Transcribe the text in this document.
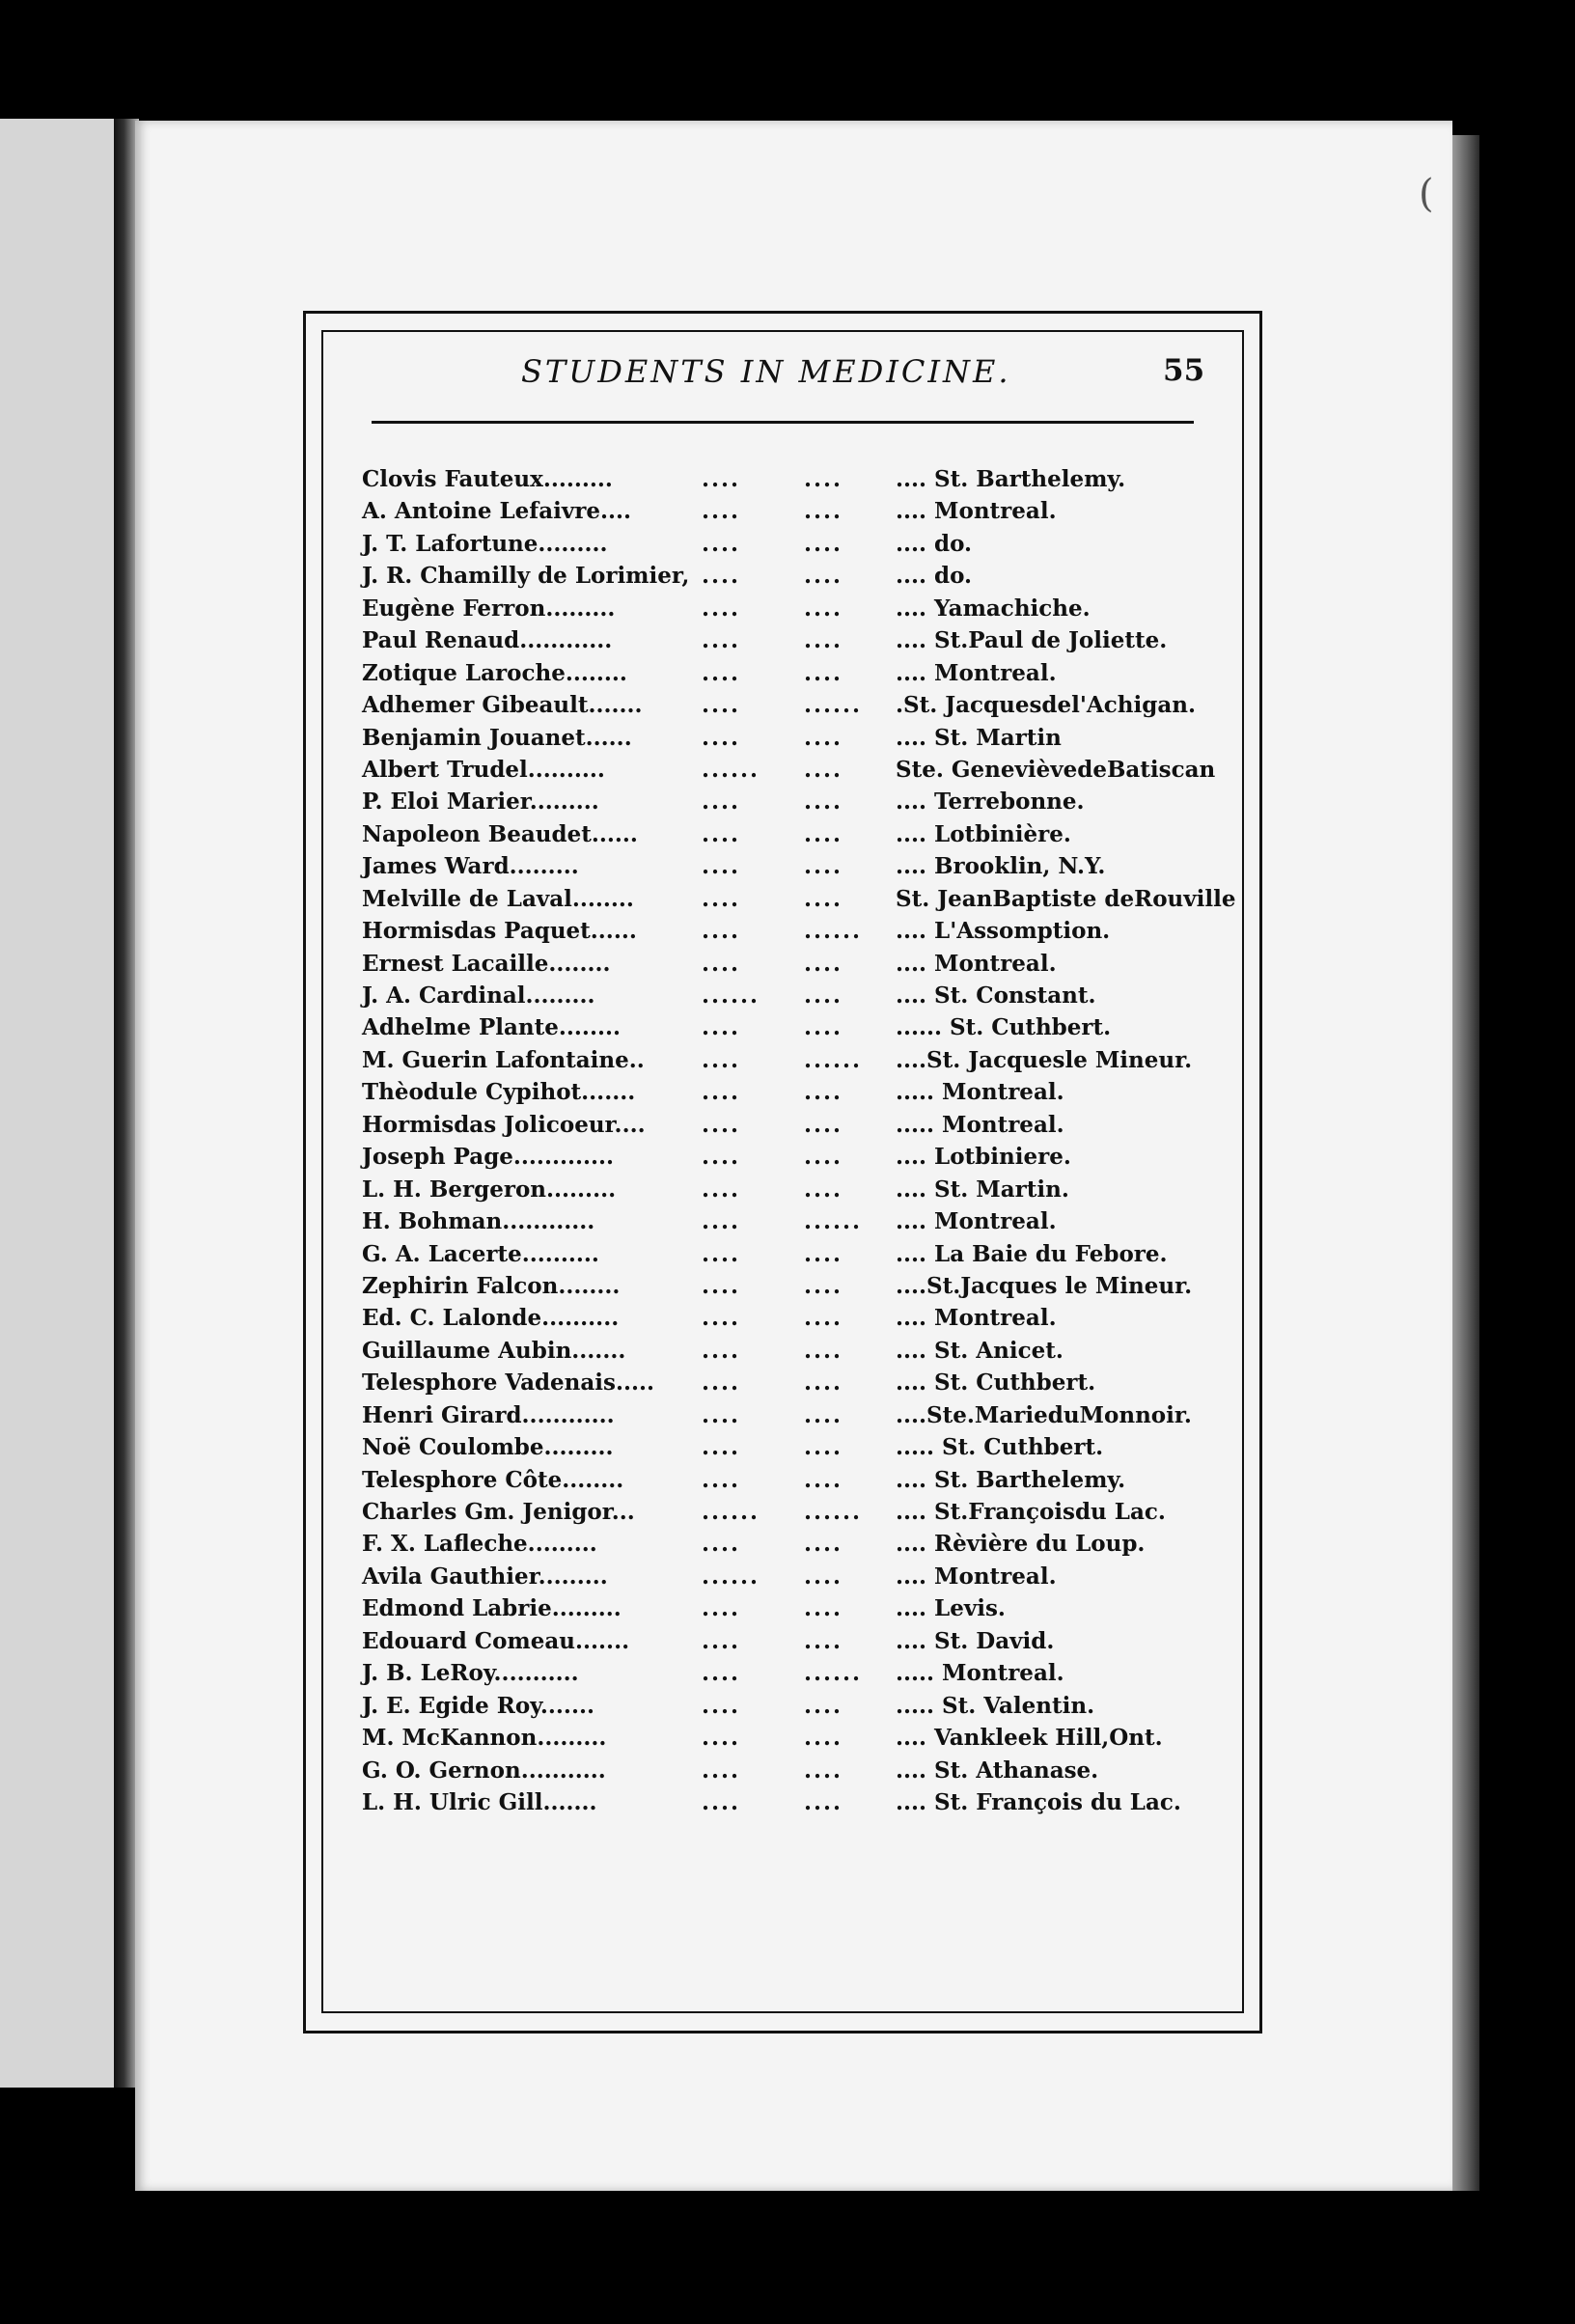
(
STUDENTS IN MEDICINE.	55
Clovis Fauteux.........	....	.... .... St. Barthelemy.
A. Antoine Lefaivre....	....	.... .... Montreal.
J. T. Lafortune.........	....	.... .... do.
J. R. Chamilly de Lorimier, ....	.... .... do.
Eugène Ferron.........	....	.... .... Yamachiche.
Paul Renaud............	....	.... .... St.Paul de Joliette.
Zotique Laroche........	....	.... .... Montreal.
Adhemer Gibeault.......	....	...... .St. Jacquesdel'Achigan.
Benjamin Jouanet......	....	.... .... St. Martin
Albert Trudel..........	...... .... Ste. GenevièvedeBatiscan
P. Eloi Marier.........	....	.... .... Terrebonne.
Napoleon Beaudet......	....	.... .... Lotbinière.
James Ward.........	....	.... .... Brooklin, N.Y.
Melville de Laval........	....	.... St. JeanBaptiste deRouville
Hormisdas Paquet......	....	...... .... L'Assomption.
Ernest Lacaille........	....	.... .... Montreal.
J. A. Cardinal.........	...... .... .... St. Constant.
Adhelme Plante........	....	.... ...... St. Cuthbert.
M. Guerin Lafontaine..	....	...... ....St. Jacquesle Mineur.
Thèodule Cypihot.......	....	.... ..... Montreal.
Hormisdas Jolicoeur....	....	.... ..... Montreal.
Joseph Page.............	....	.... .... Lotbiniere.
L. H. Bergeron.........	....	.... .... St. Martin.
H. Bohman............	....	...... .... Montreal.
G. A. Lacerte..........	....	.... .... La Baie du Febore.
Zephirin Falcon........	....	.... ....St.Jacques le Mineur.
Ed. C. Lalonde..........	....	.... .... Montreal.
Guillaume Aubin.......	....	.... .... St. Anicet.
Telesphore Vadenais..... ....	.... .... St. Cuthbert.
Henri Girard............	....	.... ....Ste.MarieduMonnoir.
Noë Coulombe.........	....	.... ..... St. Cuthbert.
Telesphore Côte........	....	.... .... St. Barthelemy.
Charles Gm. Jenigor...	...... ...... .... St.Françoisdu Lac.
F. X. Lafleche.........	....	.... .... Rèvière du Loup.
Avila Gauthier.........	...... .... .... Montreal.
Edmond Labrie.........	....	.... .... Levis.
Edouard Comeau.......	....	.... .... St. David.
J. B. LeRoy...........	....	...... ..... Montreal.
J. E. Egide Roy.......	....	.... ..... St. Valentin.
M. McKannon.........	....	.... .... Vankleek Hill,Ont.
G. O. Gernon...........	....	.... .... St. Athanase.
L. H. Ulric Gill.......	....	.... .... St. François du Lac.
